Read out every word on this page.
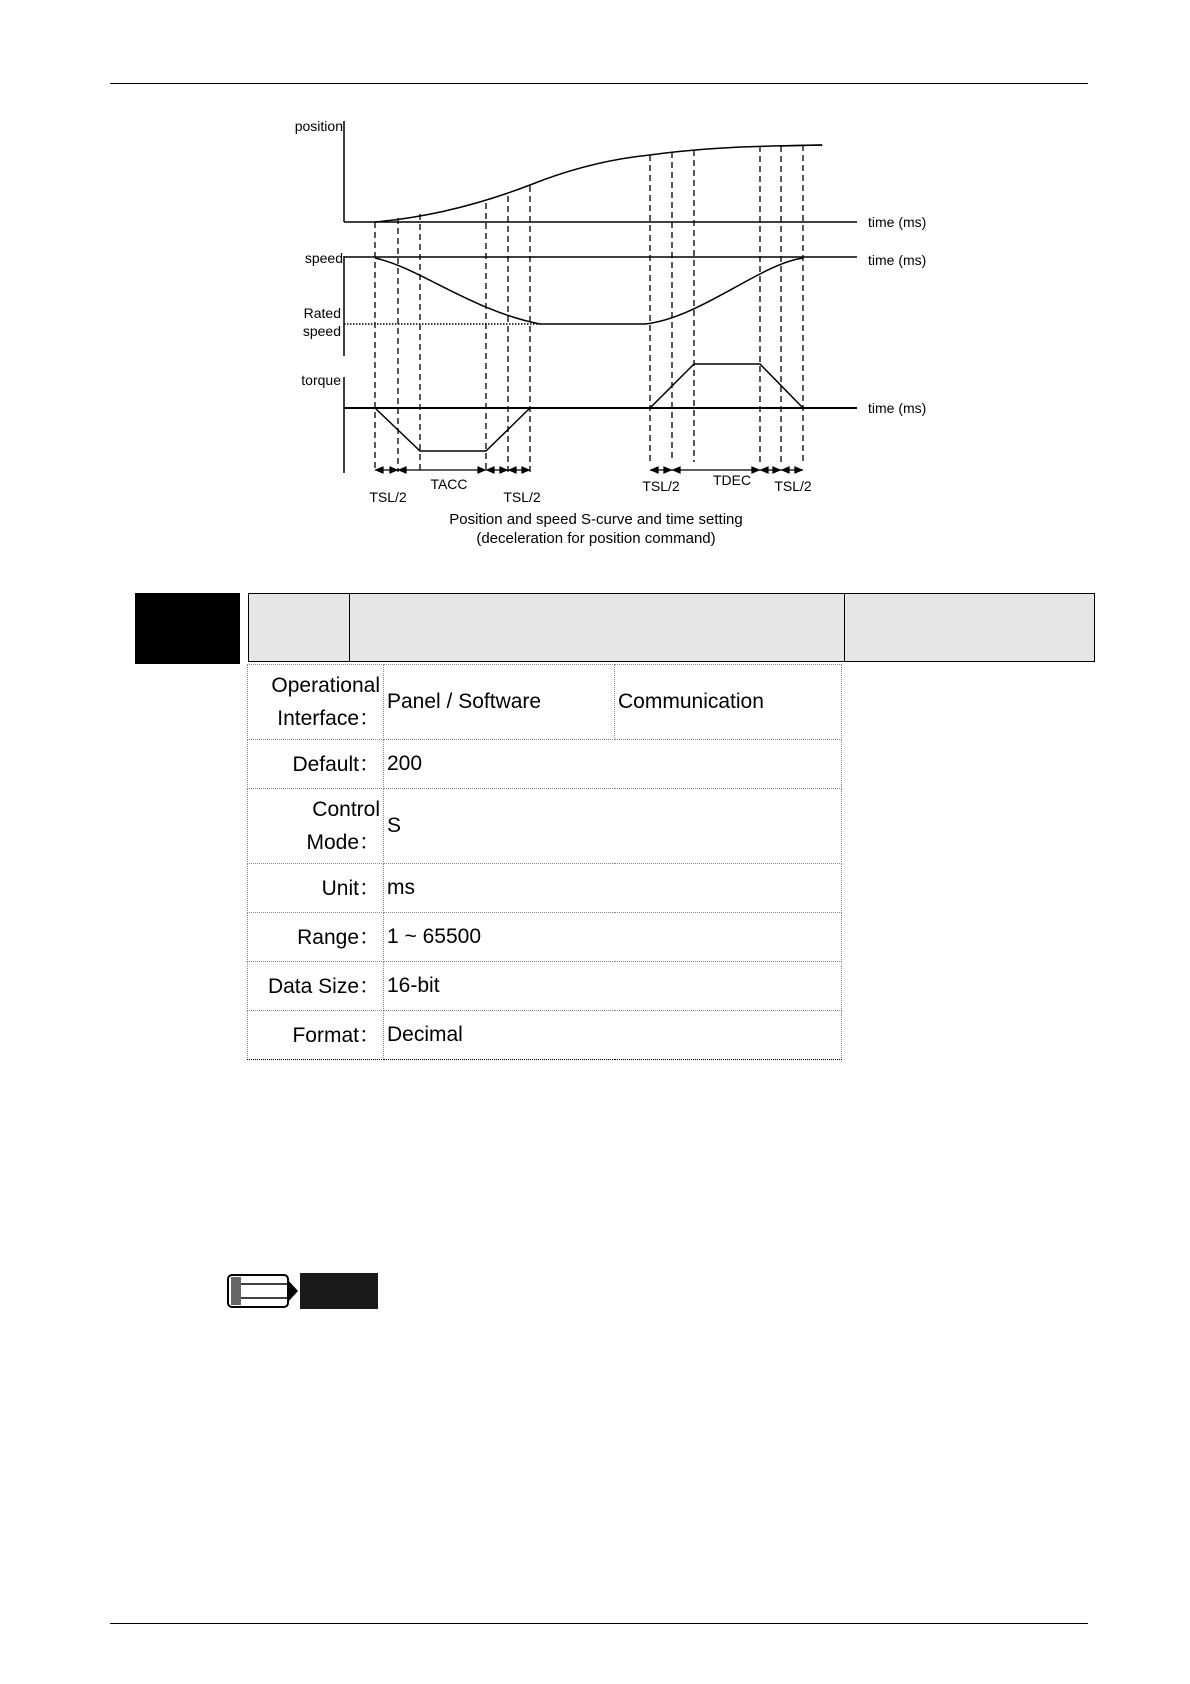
position
speed
Rated
speed
torque
time (ms)
time (ms)
time (ms)
TSL/2
TACC
TSL/2
TSL/2 TDEC TSL/2
Position and speed S-curve and time setting
(deceleration for position command)
Operational
Interface：	Panel / Software	Communication
Default：	200	

Control
Mode：	S	
Unit：	ms	
Range：	1 ~ 65500	
Data Size：	16-bit	
Format：	Decimal	
